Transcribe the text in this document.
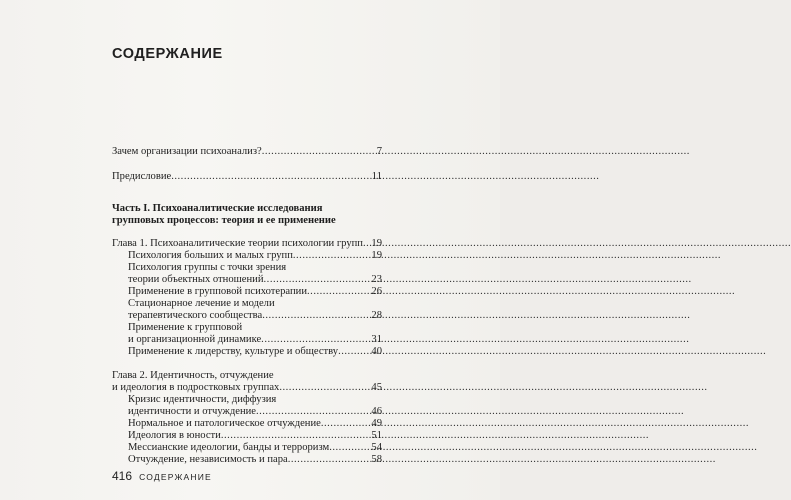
СОДЕРЖАНИЕ
Зачем организации психоанализ? .....	7
Предисловие .....	11
Часть I. Психоаналитические исследования
групповых процессов: теория и ее применение
Глава 1. Психоаналитические теории психологии групп ..... 19
Психология больших и малых групп .....	19
Психология группы с точки зрения
теории объектных отношений .....	23
Применение в групповой психотерапии .....	26
Стационарное лечение и модели
терапевтического сообщества .....	28
Применение к групповой
и организационной динамике .....	31
Применение к лидерству, культуре и обществу .....	40
Глава 2. Идентичность, отчуждение
и идеология в подростковых группах .....	45
Кризис идентичности, диффузия
идентичности и отчуждение .....	46
Нормальное и патологическое отчуждение .....	49
Идеология в юности .....	51
Мессианские идеологии, банды и терроризм .....	54
Отчуждение, независимость и пара .....	58
416 СОДЕРЖАНИЕ
